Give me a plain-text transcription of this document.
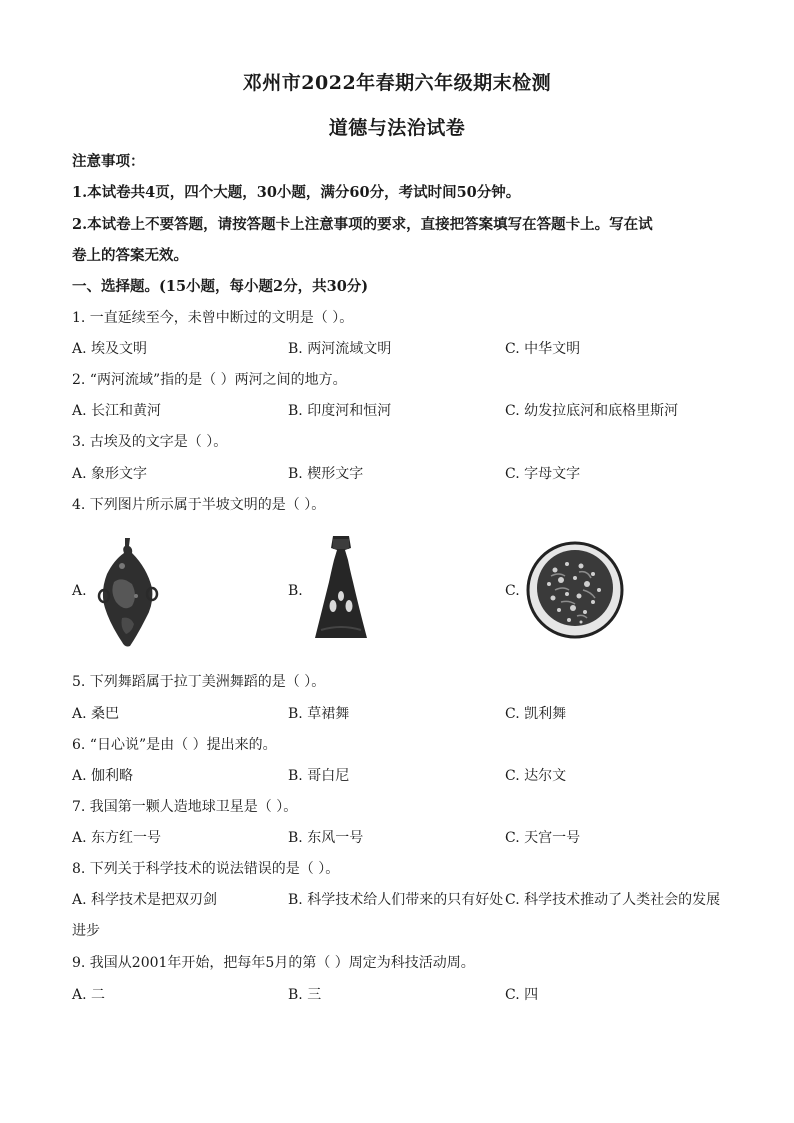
邓州市2022年春期六年级期末检测
道德与法治试卷
注意事项：
1.本试卷共4页，四个大题，30小题，满分60分，考试时间50分钟。
2.本试卷上不要答题，请按答题卡上注意事项的要求，直接把答案填写在答题卡上。写在试
卷上的答案无效。
一、选择题。(15小题，每小题2分，共30分)
1. 一直延续至今，未曾中断过的文明是（ ）。
A. 埃及文明	B. 两河流域文明	C. 中华文明
2. “两河流域”指的是（ ）两河之间的地方。
A. 长江和黄河	B. 印度河和恒河	C. 幼发拉底河和底格里斯河
3. 古埃及的文字是（ ）。
A. 象形文字	B. 楔形文字	C. 字母文字
4. 下列图片所示属于半坡文明的是（ ）。
A.	B.	C.
5. 下列舞蹈属于拉丁美洲舞蹈的是（ ）。
A. 桑巴	B. 草裙舞	C. 凯利舞
6. “日心说”是由（ ）提出来的。
A. 伽利略	B. 哥白尼	C. 达尔文
7. 我国第一颗人造地球卫星是（ ）。
A. 东方红一号	B. 东风一号	C. 天宫一号
8. 下列关于科学技术的说法错误的是（ ）。
A. 科学技术是把双刃剑	B. 科学技术给人们带来的只有好处 C. 科学技术推动了人类社会的发展
进步
9. 我国从2001年开始，把每年5月的第（ ）周定为科技活动周。
A. 二	B. 三	C. 四
